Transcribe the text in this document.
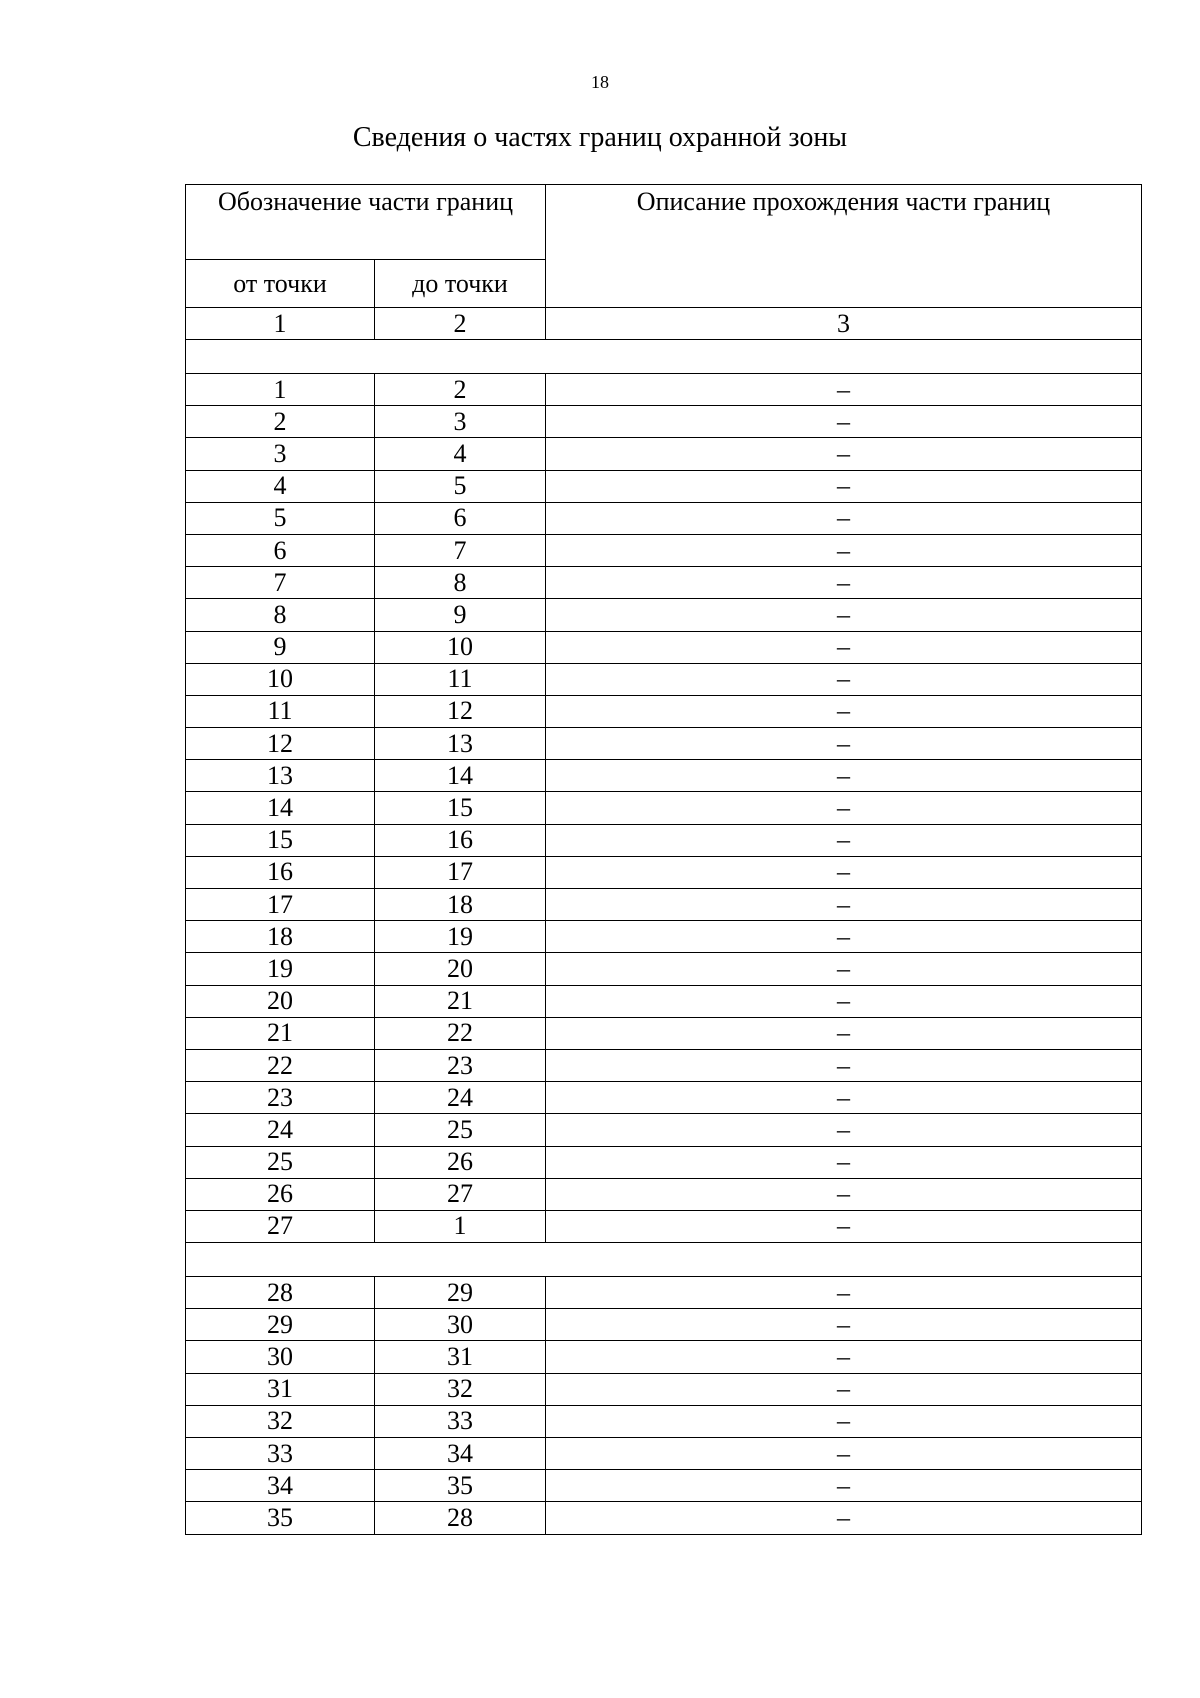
18
Сведения о частях границ охранной зоны
Обозначение части границ		Описание прохождения части границ
от точки	до точки	
1	2	3

1	2	–
2	3	–
3	4	–
4	5	–
5	6	–
6	7	–
7	8	–
8	9	–
9	10	–
10	11	–
11	12	–
12	13	–
13	14	–
14	15	–
15	16	–
16	17	–
17	18	–
18	19	–
19	20	–
20	21	–
21	22	–
22	23	–
23	24	–
24	25	–
25	26	–
26	27	–
27	1	–

28	29	–
29	30	–
30	31	–
31	32	–
32	33	–
33	34	–
34	35	–
35	28	–
